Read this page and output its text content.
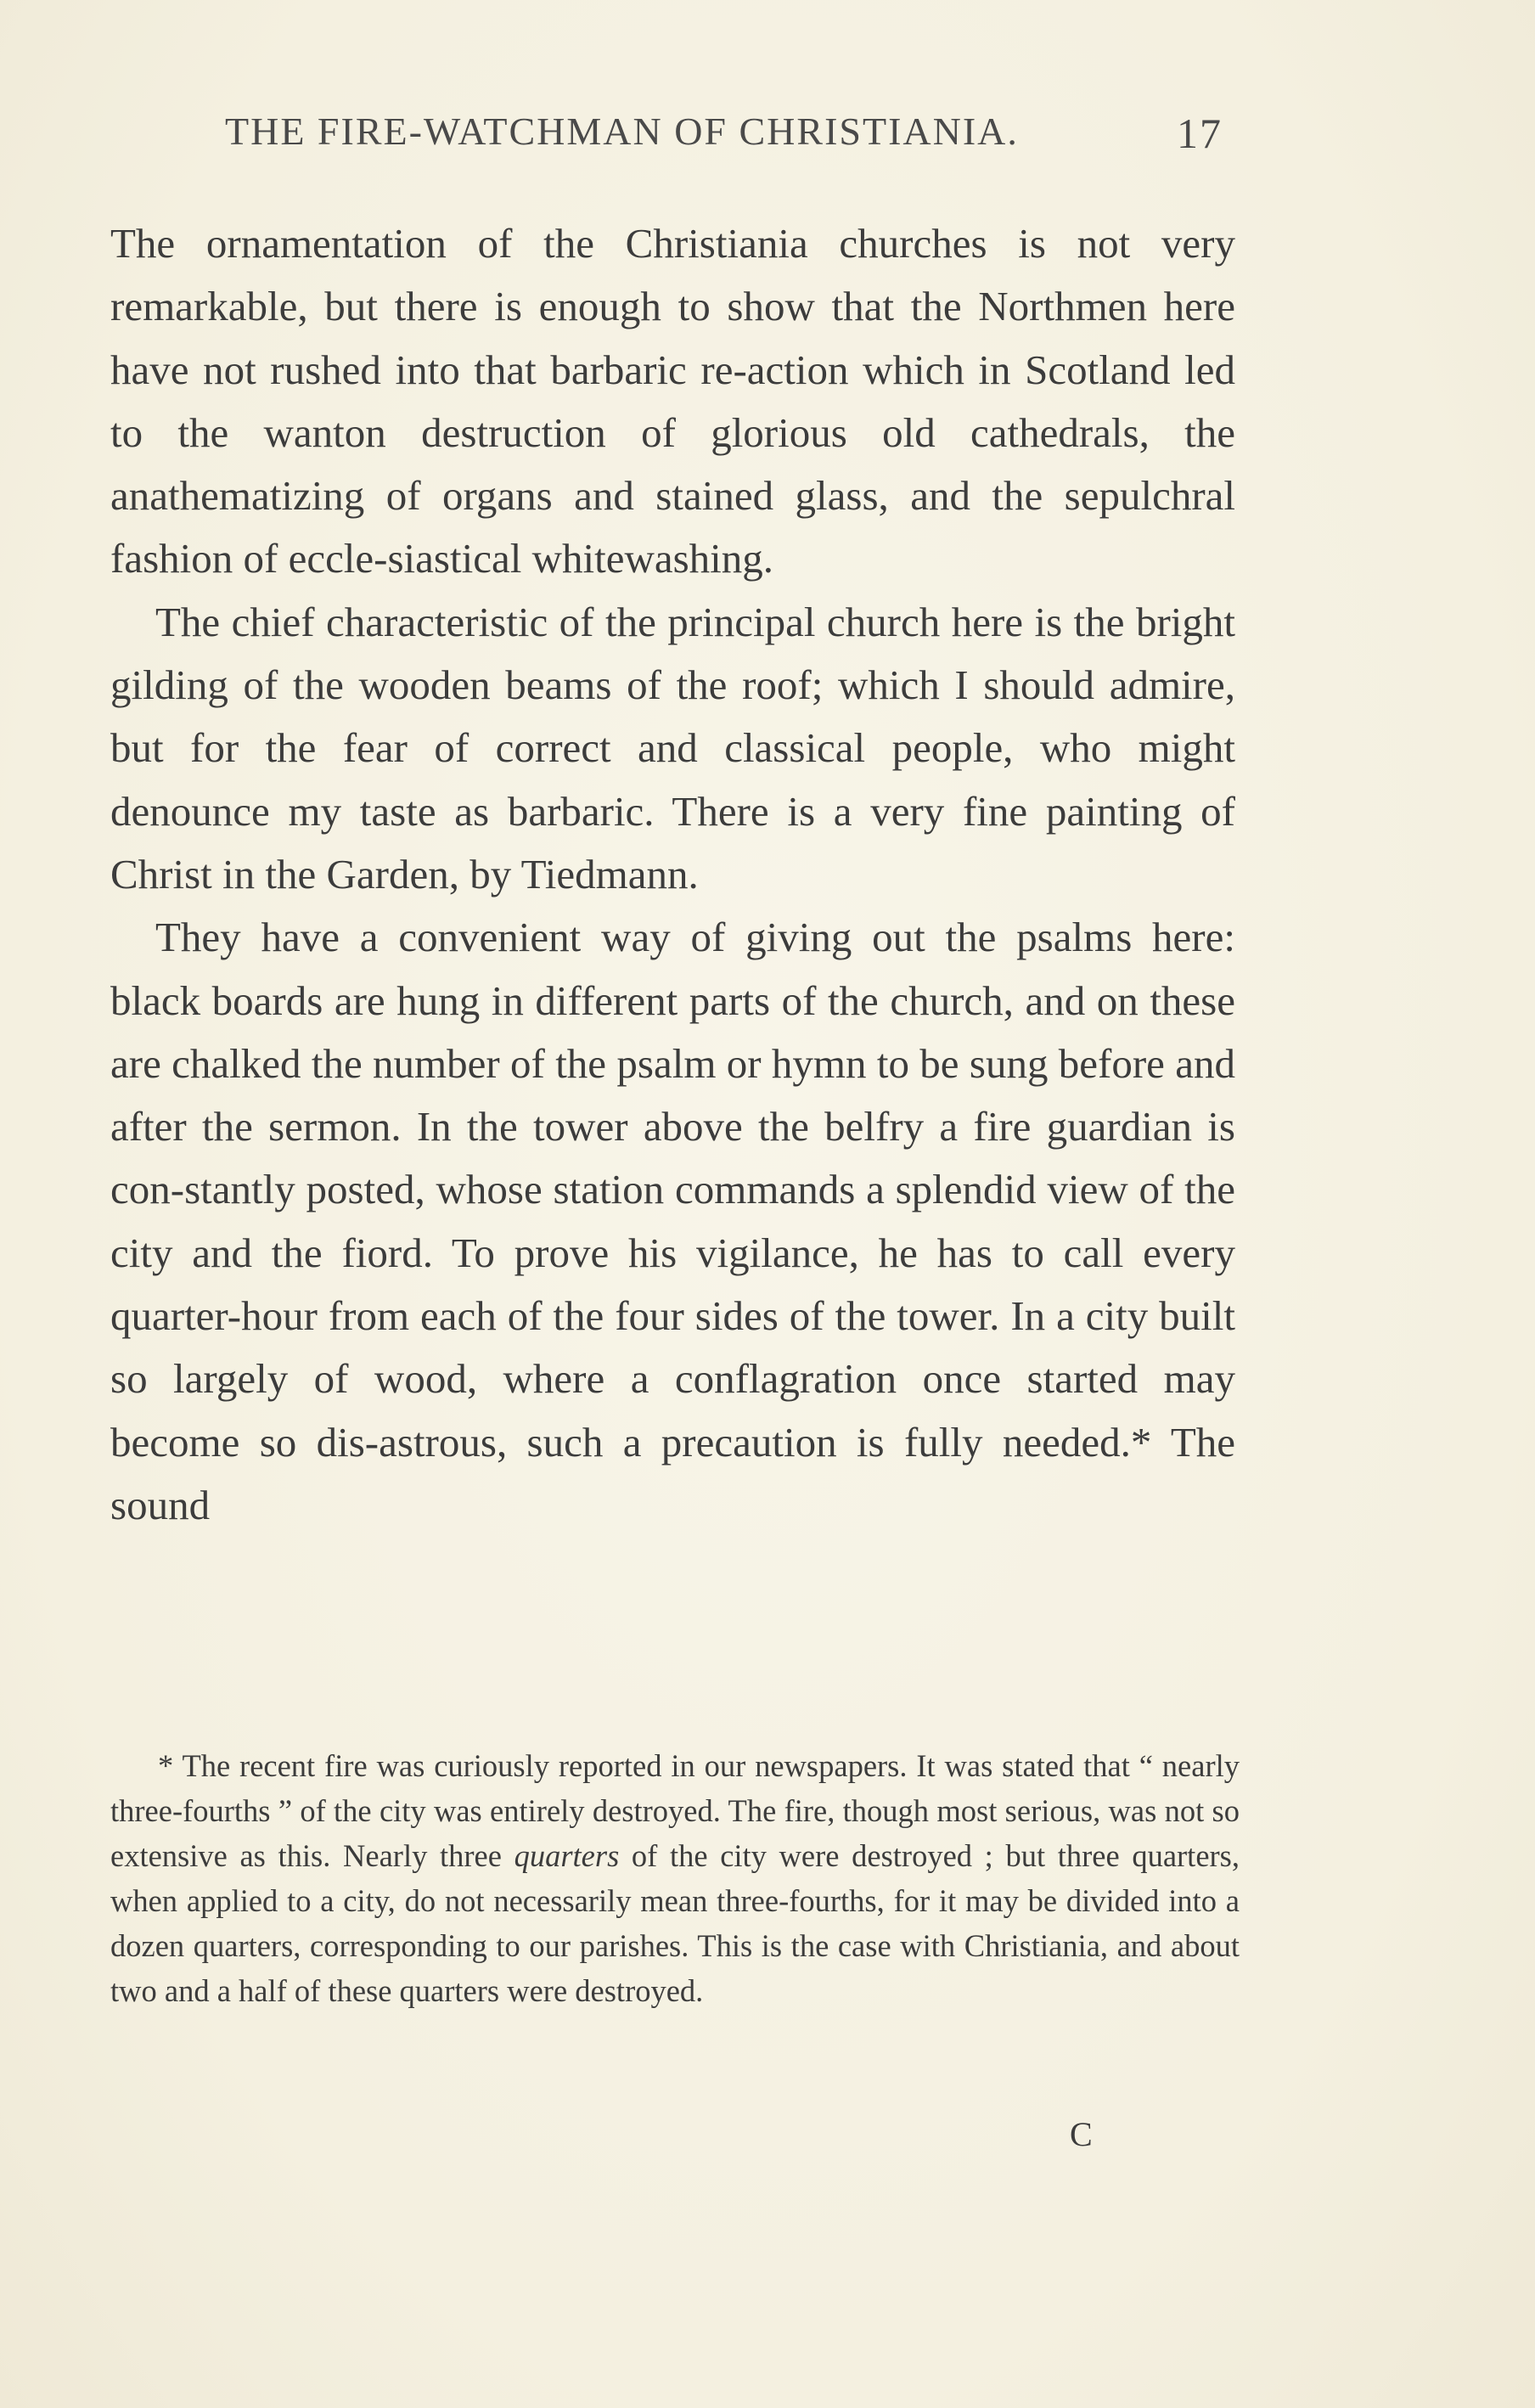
THE FIRE-WATCHMAN OF CHRISTIANIA.	17

The ornamentation of the Christiania churches is not very remarkable, but there is enough to show that the Northmen here have not rushed into that barbaric re-action which in Scotland led to the wanton destruction of glorious old cathedrals, the anathematizing of organs and stained glass, and the sepulchral fashion of eccle-siastical whitewashing.

The chief characteristic of the principal church here is the bright gilding of the wooden beams of the roof; which I should admire, but for the fear of correct and classical people, who might denounce my taste as barbaric. There is a very fine painting of Christ in the Garden, by Tiedmann.

They have a convenient way of giving out the psalms here: black boards are hung in different parts of the church, and on these are chalked the number of the psalm or hymn to be sung before and after the sermon. In the tower above the belfry a fire guardian is con-stantly posted, whose station commands a splendid view of the city and the fiord. To prove his vigilance, he has to call every quarter-hour from each of the four sides of the tower. In a city built so largely of wood, where a conflagration once started may become so dis-astrous, such a precaution is fully needed.* The sound

* The recent fire was curiously reported in our newspapers. It was stated that “ nearly three-fourths ” of the city was entirely destroyed. The fire, though most serious, was not so extensive as this. Nearly three quarters of the city were destroyed ; but three quarters, when applied to a city, do not necessarily mean three-fourths, for it may be divided into a dozen quarters, corresponding to our parishes. This is the case with Christiania, and about two and a half of these quarters were destroyed.

C
